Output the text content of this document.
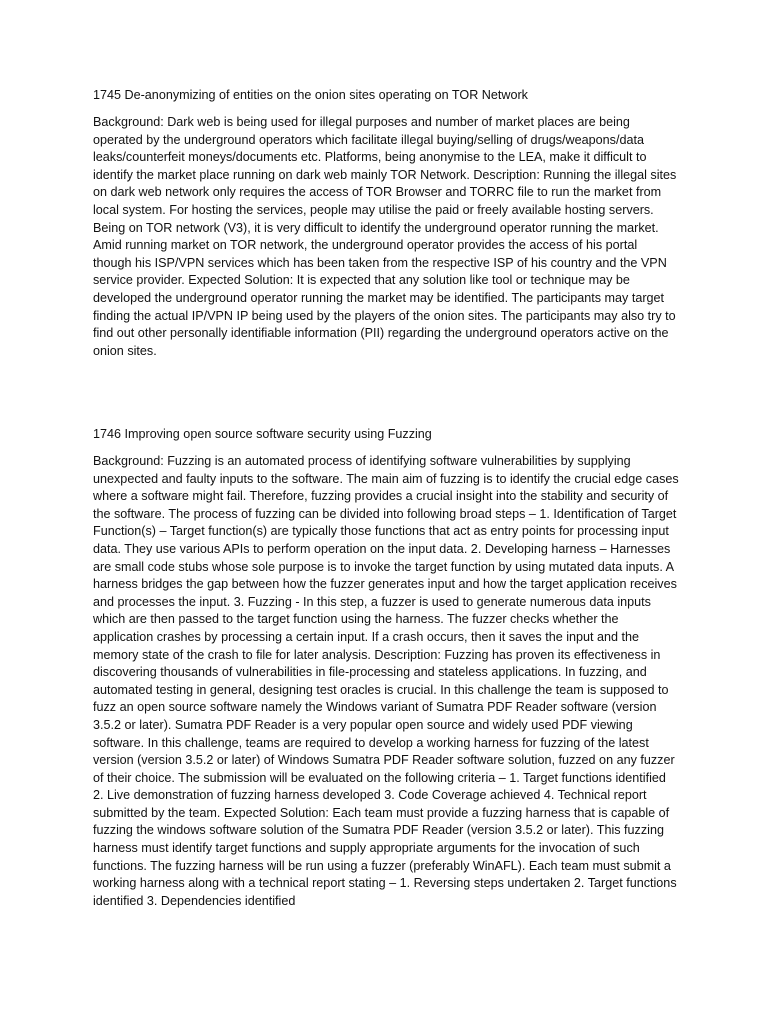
1745 De-anonymizing of entities on the onion sites operating on TOR Network

Background: Dark web is being used for illegal purposes and number of market places are being operated by the underground operators which facilitate illegal buying/selling of drugs/weapons/data leaks/counterfeit moneys/documents etc. Platforms, being anonymise to the LEA, make it difficult to identify the market place running on dark web mainly TOR Network. Description: Running the illegal sites on dark web network only requires the access of TOR Browser and TORRC file to run the market from local system. For hosting the services, people may utilise the paid or freely available hosting servers. Being on TOR network (V3), it is very difficult to identify the underground operator running the market. Amid running market on TOR network, the underground operator provides the access of his portal though his ISP/VPN services which has been taken from the respective ISP of his country and the VPN service provider. Expected Solution: It is expected that any solution like tool or technique may be developed the underground operator running the market may be identified. The participants may target finding the actual IP/VPN IP being used by the players of the onion sites. The participants may also try to find out other personally identifiable information (PII) regarding the underground operators active on the onion sites.

1746 Improving open source software security using Fuzzing

Background: Fuzzing is an automated process of identifying software vulnerabilities by supplying unexpected and faulty inputs to the software. The main aim of fuzzing is to identify the crucial edge cases where a software might fail. Therefore, fuzzing provides a crucial insight into the stability and security of the software. The process of fuzzing can be divided into following broad steps – 1. Identification of Target Function(s) – Target function(s) are typically those functions that act as entry points for processing input data. They use various APIs to perform operation on the input data. 2. Developing harness – Harnesses are small code stubs whose sole purpose is to invoke the target function by using mutated data inputs. A harness bridges the gap between how the fuzzer generates input and how the target application receives and processes the input. 3. Fuzzing - In this step, a fuzzer is used to generate numerous data inputs which are then passed to the target function using the harness. The fuzzer checks whether the application crashes by processing a certain input. If a crash occurs, then it saves the input and the memory state of the crash to file for later analysis. Description: Fuzzing has proven its effectiveness in discovering thousands of vulnerabilities in file-processing and stateless applications. In fuzzing, and automated testing in general, designing test oracles is crucial. In this challenge the team is supposed to fuzz an open source software namely the Windows variant of Sumatra PDF Reader software (version 3.5.2 or later). Sumatra PDF Reader is a very popular open source and widely used PDF viewing software. In this challenge, teams are required to develop a working harness for fuzzing of the latest version (version 3.5.2 or later) of Windows Sumatra PDF Reader software solution, fuzzed on any fuzzer of their choice. The submission will be evaluated on the following criteria – 1. Target functions identified 2. Live demonstration of fuzzing harness developed 3. Code Coverage achieved 4. Technical report submitted by the team. Expected Solution: Each team must provide a fuzzing harness that is capable of fuzzing the windows software solution of the Sumatra PDF Reader (version 3.5.2 or later). This fuzzing harness must identify target functions and supply appropriate arguments for the invocation of such functions. The fuzzing harness will be run using a fuzzer (preferably WinAFL). Each team must submit a working harness along with a technical report stating – 1. Reversing steps undertaken 2. Target functions identified 3. Dependencies identified
